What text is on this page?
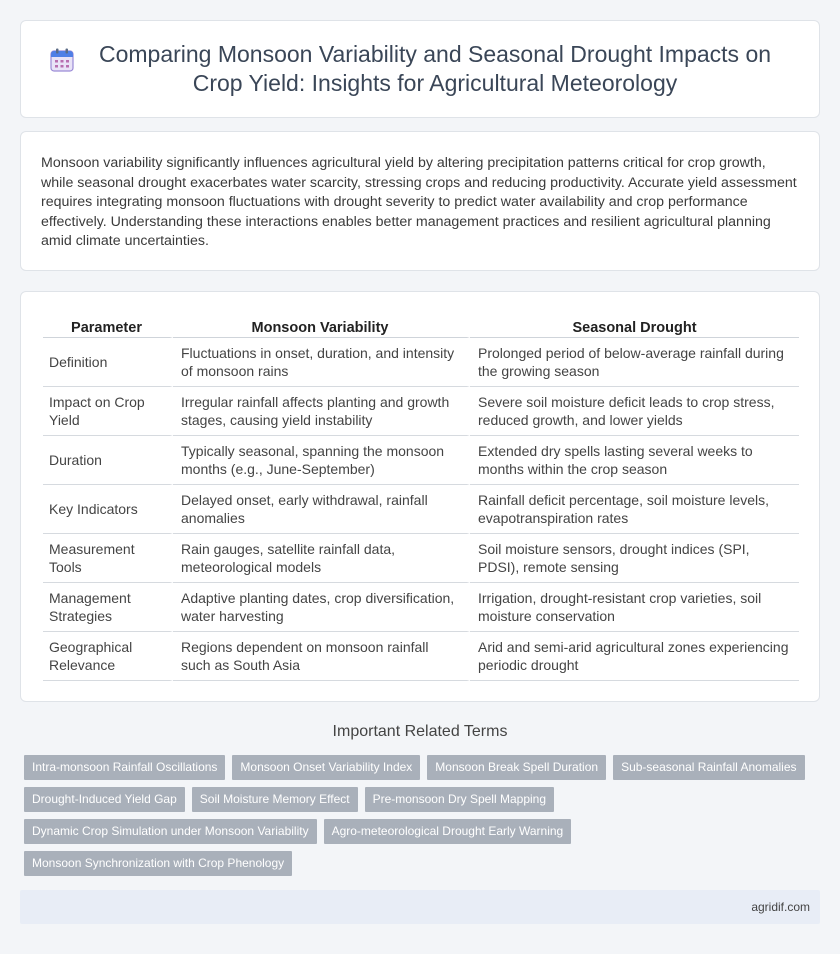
Comparing Monsoon Variability and Seasonal Drought Impacts on Crop Yield: Insights for Agricultural Meteorology

Monsoon variability significantly influences agricultural yield by altering precipitation patterns critical for crop growth, while seasonal drought exacerbates water scarcity, stressing crops and reducing productivity. Accurate yield assessment requires integrating monsoon fluctuations with drought severity to predict water availability and crop performance effectively. Understanding these interactions enables better management practices and resilient agricultural planning amid climate uncertainties.

Parameter	Monsoon Variability	Seasonal Drought
Definition	Fluctuations in onset, duration, and intensity of monsoon rains	Prolonged period of below-average rainfall during the growing season
Impact on Crop Yield	Irregular rainfall affects planting and growth stages, causing yield instability	Severe soil moisture deficit leads to crop stress, reduced growth, and lower yields
Duration	Typically seasonal, spanning the monsoon months (e.g., June-September)	Extended dry spells lasting several weeks to months within the crop season
Key Indicators	Delayed onset, early withdrawal, rainfall anomalies	Rainfall deficit percentage, soil moisture levels, evapotranspiration rates
Measurement Tools	Rain gauges, satellite rainfall data, meteorological models	Soil moisture sensors, drought indices (SPI, PDSI), remote sensing
Management Strategies	Adaptive planting dates, crop diversification, water harvesting	Irrigation, drought-resistant crop varieties, soil moisture conservation
Geographical Relevance	Regions dependent on monsoon rainfall such as South Asia	Arid and semi-arid agricultural zones experiencing periodic drought
Important Related Terms
Intra-monsoon Rainfall Oscillations	Monsoon Onset Variability Index	Monsoon Break Spell Duration	Sub-seasonal Rainfall Anomalies
Drought-Induced Yield Gap	Soil Moisture Memory Effect	Pre-monsoon Dry Spell Mapping
Dynamic Crop Simulation under Monsoon Variability	Agro-meteorological Drought Early Warning
Monsoon Synchronization with Crop Phenology
agridif.com
